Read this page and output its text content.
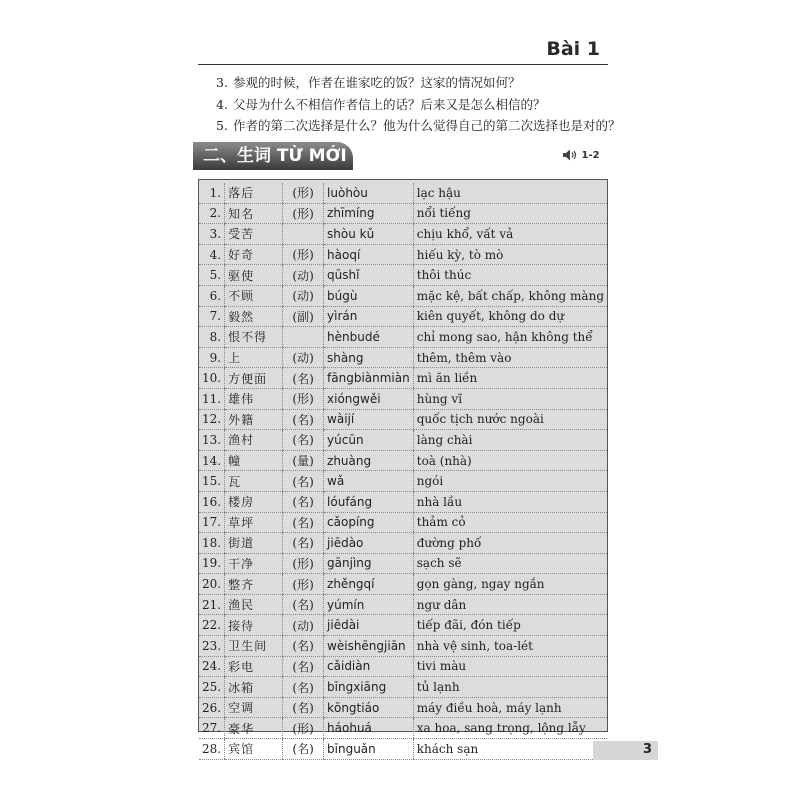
Bài 1
3. 参观的时候，作者在谁家吃的饭？这家的情况如何？
4. 父母为什么不相信作者信上的话？后来又是怎么相信的？
5. 作者的第二次选择是什么？他为什么觉得自己的第二次选择也是对的？
二、生词 TỪ MỚI	1-2
1.	落后	(形)	luòhòu	lạc hậu
2.	知名	(形)	zhīmíng	nổi tiếng
3.	受苦		shòu kǔ	chịu khổ, vất vả
4.	好奇	(形)	hàoqí	hiếu kỳ, tò mò
5.	驱使	(动)	qūshǐ	thôi thúc
6.	不顾	(动)	búgù	mặc kệ, bất chấp, không màng
7.	毅然	(副)	yìrán	kiên quyết, không do dự
8.	恨不得		hènbudé	chỉ mong sao, hận không thể
9.	上	(动)	shàng	thêm, thêm vào
10.	方便面	(名)	fāngbiànmiàn	mì ăn liền
11.	雄伟	(形)	xióngwěi	hùng vĩ
12.	外籍	(名)	wàijí	quốc tịch nước ngoài
13.	渔村	(名)	yúcūn	làng chài
14.	幢	(量)	zhuàng	toà (nhà)
15.	瓦	(名)	wǎ	ngói
16.	楼房	(名)	lóufáng	nhà lầu
17.	草坪	(名)	cǎopíng	thảm cỏ
18.	街道	(名)	jiēdào	đường phố
19.	干净	(形)	gānjìng	sạch sẽ
20.	整齐	(形)	zhěngqí	gọn gàng, ngay ngắn
21.	渔民	(名)	yúmín	ngư dân
22.	接待	(动)	jiēdài	tiếp đãi, đón tiếp
23.	卫生间	(名)	wèishēngjiān	nhà vệ sinh, toa-lét
24.	彩电	(名)	cǎidiàn	tivi màu
25.	冰箱	(名)	bīngxiāng	tủ lạnh
26.	空调	(名)	kōngtiáo	máy điều hoà, máy lạnh
27.	豪华	(形)	háohuá	xa hoa, sang trọng, lộng lẫy
28.	宾馆	(名)	bīnguǎn	khách sạn	3
